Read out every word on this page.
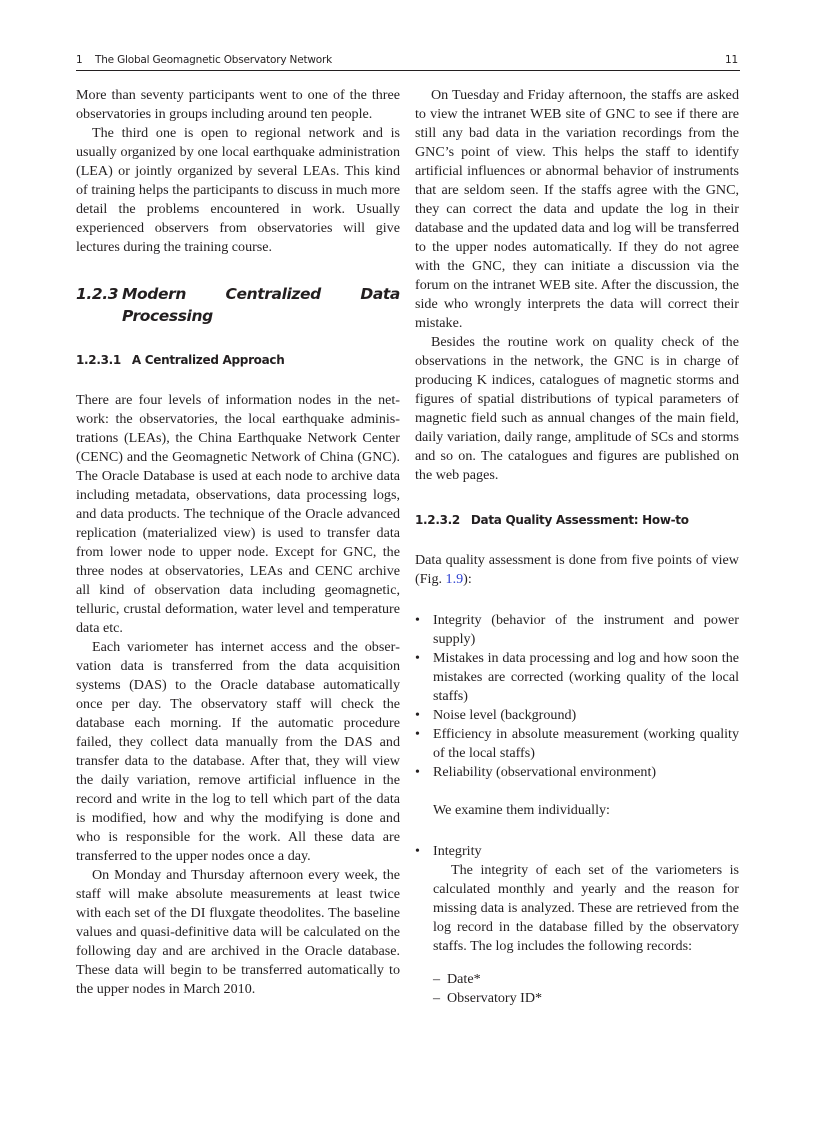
1 The Global Geomagnetic Observatory Network	11

More than seventy participants went to one of the three observatories in groups including around ten people.

The third one is open to regional network and is usually organized by one local earthquake administration (LEA) or jointly organized by several LEAs. This kind of training helps the participants to discuss in much more detail the problems encountered in work. Usually experienced observers from observatories will give lectures during the training course.

1.2.3 Modern Centralized Data Processing
1.2.3.1 A Centralized Approach

There are four levels of information nodes in the network: the observatories, the local earthquake administrations (LEAs), the China Earthquake Network Center (CENC) and the Geomagnetic Network of China (GNC). The Oracle Database is used at each node to archive data including metadata, observations, data processing logs, and data products. The technique of the Oracle advanced replication (materialized view) is used to transfer data from lower node to upper node. Except for GNC, the three nodes at observatories, LEAs and CENC archive all kind of observation data including geomagnetic, telluric, crustal deformation, water level and temperature data etc.

Each variometer has internet access and the observation data is transferred from the data acquisition systems (DAS) to the Oracle database automatically once per day. The observatory staff will check the database each morning. If the automatic procedure failed, they collect data manually from the DAS and transfer data to the database. After that, they will view the daily variation, remove artificial influence in the record and write in the log to tell which part of the data is modified, how and why the modifying is done and who is responsible for the work. All these data are transferred to the upper nodes once a day.

On Monday and Thursday afternoon every week, the staff will make absolute measurements at least twice with each set of the DI fluxgate theodolites. The baseline values and quasi-definitive data will be calculated on the following day and are archived in the Oracle database. These data will begin to be transferred automatically to the upper nodes in March 2010.

On Tuesday and Friday afternoon, the staffs are asked to view the intranet WEB site of GNC to see if there are still any bad data in the variation recordings from the GNC’s point of view. This helps the staff to identify artificial influences or abnormal behavior of instruments that are seldom seen. If the staffs agree with the GNC, they can correct the data and update the log in their database and the updated data and log will be transferred to the upper nodes automatically. If they do not agree with the GNC, they can initiate a discussion via the forum on the intranet WEB site. After the discussion, the side who wrongly interprets the data will correct their mistake.

Besides the routine work on quality check of the observations in the network, the GNC is in charge of producing K indices, catalogues of magnetic storms and figures of spatial distributions of typical parameters of magnetic field such as annual changes of the main field, daily variation, daily range, amplitude of SCs and storms and so on. The catalogues and figures are published on the web pages.

1.2.3.2 Data Quality Assessment: How-to

Data quality assessment is done from five points of view (Fig. 1.9):

• Integrity (behavior of the instrument and power supply)
• Mistakes in data processing and log and how soon the mistakes are corrected (working quality of the local staffs)
• Noise level (background)
• Efficiency in absolute measurement (working quality of the local staffs)
• Reliability (observational environment)

We examine them individually:

• Integrity

The integrity of each set of the variometers is calculated monthly and yearly and the reason for missing data is analyzed. These are retrieved from the log record in the database filled by the observatory staffs. The log includes the following records:

– Date*
– Observatory ID*
